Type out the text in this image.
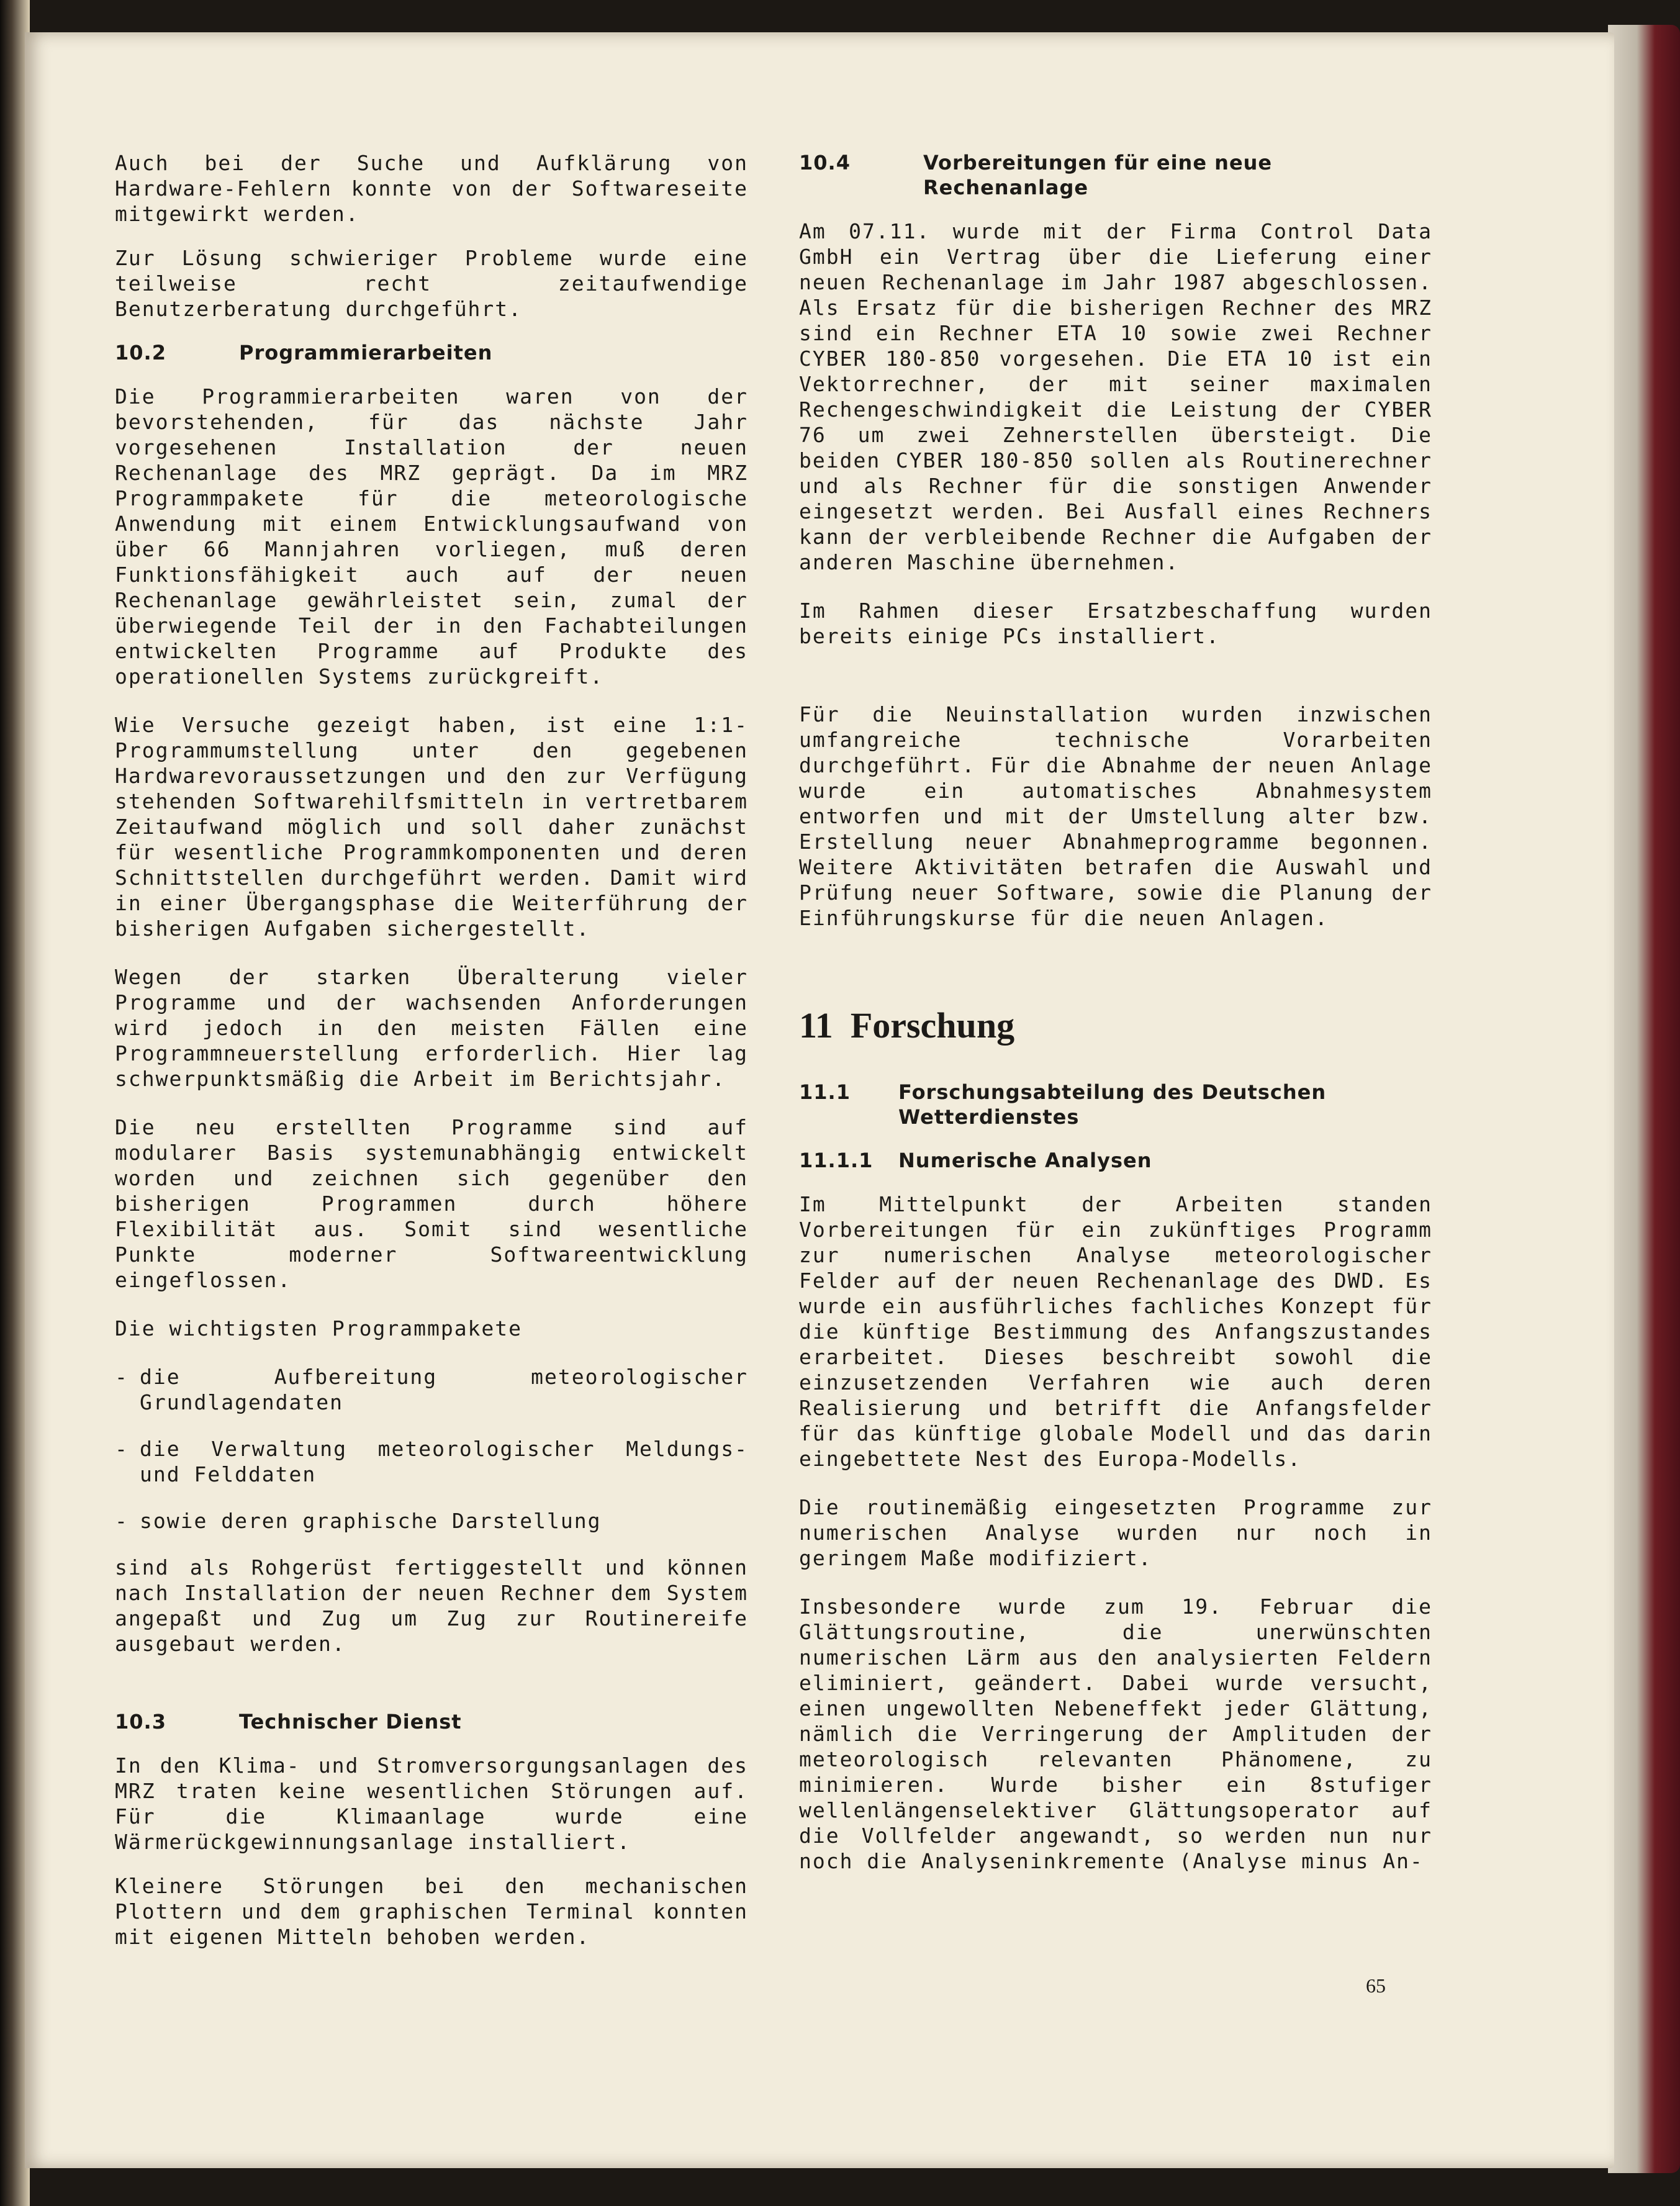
Auch bei der Suche und Aufklärung von Hardware-Fehlern konnte von der Softwareseite mitgewirkt werden.

Zur Lösung schwieriger Probleme wurde eine teilweise recht zeitaufwendige Benutzerberatung durchgeführt.

10.2	Programmierarbeiten

Die Programmierarbeiten waren von der bevorstehenden, für das nächste Jahr vorgesehenen Installation der neuen Rechenanlage des MRZ geprägt. Da im MRZ Programmpakete für die meteorologische Anwendung mit einem Entwicklungsaufwand von über 66 Mannjahren vorliegen, muß deren Funktionsfähigkeit auch auf der neuen Rechenanlage gewährleistet sein, zumal der überwiegende Teil der in den Fachabteilungen entwickelten Programme auf Produkte des operationellen Systems zurückgreift.

Wie Versuche gezeigt haben, ist eine 1:1-Programmumstellung unter den gegebenen Hardwarevoraussetzungen und den zur Verfügung stehenden Softwarehilfsmitteln in vertretbarem Zeitaufwand möglich und soll daher zunächst für wesentliche Programmkomponenten und deren Schnittstellen durchgeführt werden. Damit wird in einer Übergangsphase die Weiterführung der bisherigen Aufgaben sichergestellt.

Wegen der starken Überalterung vieler Programme und der wachsenden Anforderungen wird jedoch in den meisten Fällen eine Programmneuerstellung erforderlich. Hier lag schwerpunktsmäßig die Arbeit im Berichtsjahr.

Die neu erstellten Programme sind auf modularer Basis systemunabhängig entwickelt worden und zeichnen sich gegenüber den bisherigen Programmen durch höhere Flexibilität aus. Somit sind wesentliche Punkte moderner Softwareentwicklung eingeflossen.

Die wichtigsten Programmpakete

- die Aufbereitung meteorologischer Grundlagendaten
- die Verwaltung meteorologischer Meldungs- und Felddaten
- sowie deren graphische Darstellung

sind als Rohgerüst fertiggestellt und können nach Installation der neuen Rechner dem System angepaßt und Zug um Zug zur Routinereife ausgebaut werden.

10.3	Technischer Dienst

In den Klima- und Stromversorgungsanlagen des MRZ traten keine wesentlichen Störungen auf. Für die Klimaanlage wurde eine Wärmerückgewinnungsanlage installiert.

Kleinere Störungen bei den mechanischen Plottern und dem graphischen Terminal konnten mit eigenen Mitteln behoben werden.

10.4	Vorbereitungen für eine neue Rechenanlage

Am 07.11. wurde mit der Firma Control Data GmbH ein Vertrag über die Lieferung einer neuen Rechenanlage im Jahr 1987 abgeschlossen. Als Ersatz für die bisherigen Rechner des MRZ sind ein Rechner ETA 10 sowie zwei Rechner CYBER 180-850 vorgesehen. Die ETA 10 ist ein Vektorrechner, der mit seiner maximalen Rechengeschwindigkeit die Leistung der CYBER 76 um zwei Zehnerstellen übersteigt. Die beiden CYBER 180-850 sollen als Routinerechner und als Rechner für die sonstigen Anwender eingesetzt werden. Bei Ausfall eines Rechners kann der verbleibende Rechner die Aufgaben der anderen Maschine übernehmen.

Im Rahmen dieser Ersatzbeschaffung wurden bereits einige PCs installiert.

Für die Neuinstallation wurden inzwischen umfangreiche technische Vorarbeiten durchgeführt. Für die Abnahme der neuen Anlage wurde ein automatisches Abnahmesystem entworfen und mit der Umstellung alter bzw. Erstellung neuer Abnahmeprogramme begonnen. Weitere Aktivitäten betrafen die Auswahl und Prüfung neuer Software, sowie die Planung der Einführungskurse für die neuen Anlagen.

11 Forschung
11.1	Forschungsabteilung des Deutschen Wetterdienstes
11.1.1	Numerische Analysen

Im Mittelpunkt der Arbeiten standen Vorbereitungen für ein zukünftiges Programm zur numerischen Analyse meteorologischer Felder auf der neuen Rechenanlage des DWD. Es wurde ein ausführliches fachliches Konzept für die künftige Bestimmung des Anfangszustandes erarbeitet. Dieses beschreibt sowohl die einzusetzenden Verfahren wie auch deren Realisierung und betrifft die Anfangsfelder für das künftige globale Modell und das darin eingebettete Nest des Europa-Modells.

Die routinemäßig eingesetzten Programme zur numerischen Analyse wurden nur noch in geringem Maße modifiziert.

Insbesondere wurde zum 19. Februar die Glättungsroutine, die unerwünschten numerischen Lärm aus den analysierten Feldern eliminiert, geändert. Dabei wurde versucht, einen ungewollten Nebeneffekt jeder Glättung, nämlich die Verringerung der Amplituden der meteorologisch relevanten Phänomene, zu minimieren. Wurde bisher ein 8stufiger wellenlängenselektiver Glättungsoperator auf die Vollfelder angewandt, so werden nun nur noch die Analyseninkremente (Analyse minus An-

65
